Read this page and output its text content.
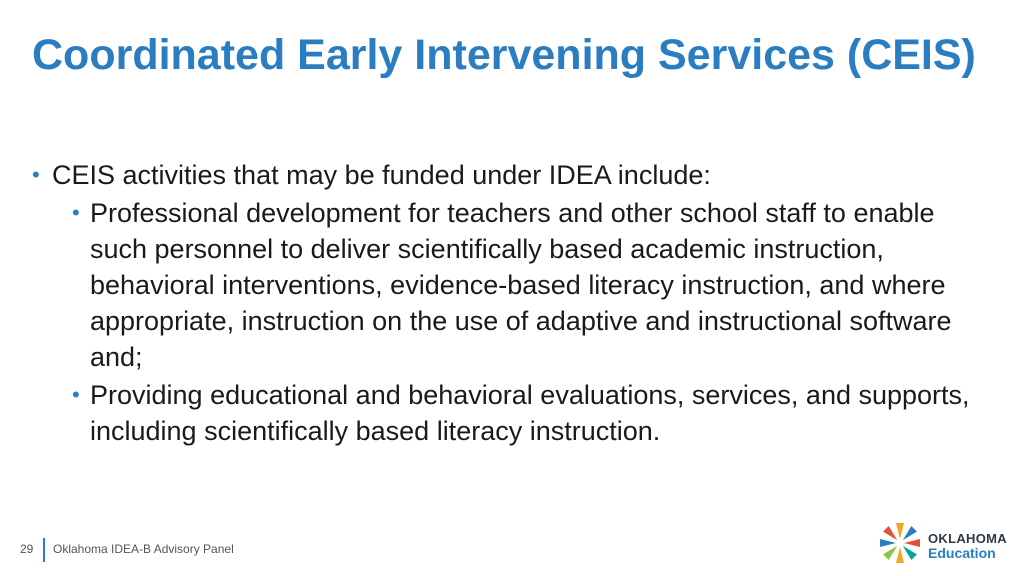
Coordinated Early Intervening Services (CEIS)

• CEIS activities that may be funded under IDEA include:

• Professional development for teachers and other school staff to enable such personnel to deliver scientifically based academic instruction, behavioral interventions, evidence-based literacy instruction, and where appropriate, instruction on the use of adaptive and instructional software and;

• Providing educational and behavioral evaluations, services, and supports, including scientifically based literacy instruction.

29 Oklahoma IDEA-B Advisory Panel
OKLAHOMA
Education
